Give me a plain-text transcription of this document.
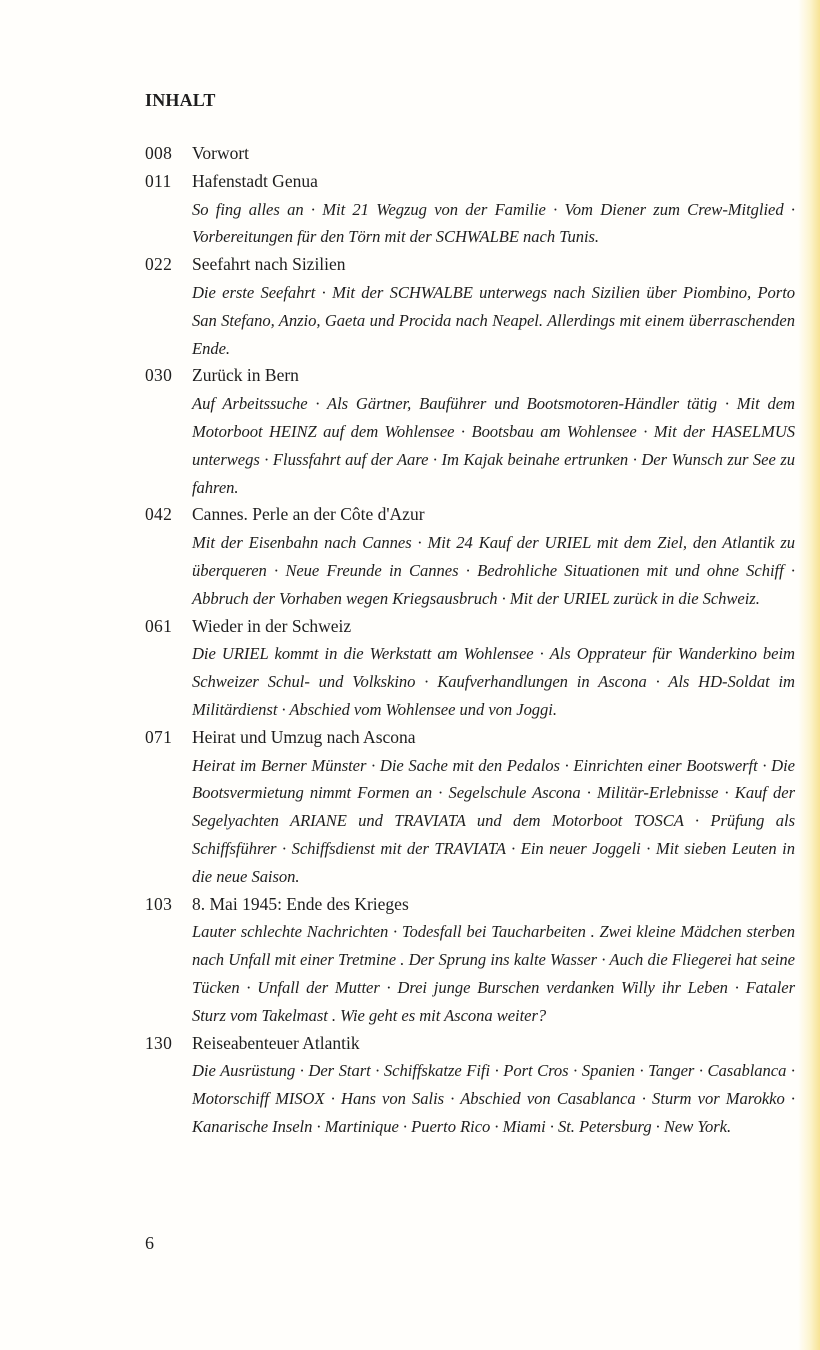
INHALT
008	Vorwort
011	Hafenstadt Genua
So fing alles an · Mit 21 Wegzug von der Familie · Vom Diener zum Crew-Mitglied · Vorbereitungen für den Törn mit der SCHWALBE nach Tunis.
022	Seefahrt nach Sizilien
Die erste Seefahrt · Mit der SCHWALBE unterwegs nach Sizilien über Piombino, Porto San Stefano, Anzio, Gaeta und Procida nach Neapel. Allerdings mit einem überraschenden Ende.
030	Zurück in Bern
Auf Arbeitssuche · Als Gärtner, Bauführer und Bootsmotoren-Händler tätig · Mit dem Motorboot HEINZ auf dem Wohlensee · Bootsbau am Wohlensee · Mit der HASELMUS unterwegs · Flussfahrt auf der Aare · Im Kajak beinahe ertrunken · Der Wunsch zur See zu fahren.
042	Cannes. Perle an der Côte d'Azur
Mit der Eisenbahn nach Cannes · Mit 24 Kauf der URIEL mit dem Ziel, den Atlantik zu überqueren · Neue Freunde in Cannes · Bedrohliche Situationen mit und ohne Schiff · Abbruch der Vorhaben wegen Kriegsausbruch · Mit der URIEL zurück in die Schweiz.
061	Wieder in der Schweiz
Die URIEL kommt in die Werkstatt am Wohlensee · Als Opprateur für Wanderkino beim Schweizer Schul- und Volkskino · Kaufverhandlungen in Ascona · Als HD-Soldat im Militärdienst · Abschied vom Wohlensee und von Joggi.
071	Heirat und Umzug nach Ascona
Heirat im Berner Münster · Die Sache mit den Pedalos · Einrichten einer Bootswerft · Die Bootsvermietung nimmt Formen an · Segelschule Ascona · Militär-Erlebnisse · Kauf der Segelyachten ARIANE und TRAVIATA und dem Motorboot TOSCA · Prüfung als Schiffsführer · Schiffsdienst mit der TRAVIATA · Ein neuer Joggeli · Mit sieben Leuten in die neue Saison.
103	8. Mai 1945: Ende des Krieges
Lauter schlechte Nachrichten · Todesfall bei Taucharbeiten . Zwei kleine Mädchen sterben nach Unfall mit einer Tretmine . Der Sprung ins kalte Wasser · Auch die Fliegerei hat seine Tücken · Unfall der Mutter · Drei junge Burschen verdanken Willy ihr Leben · Fataler Sturz vom Takelmast . Wie geht es mit Ascona weiter?
130	Reiseabenteuer Atlantik
Die Ausrüstung · Der Start · Schiffskatze Fifi · Port Cros · Spanien · Tanger · Casablanca · Motorschiff MISOX · Hans von Salis · Abschied von Casablanca · Sturm vor Marokko · Kanarische Inseln · Martinique · Puerto Rico · Miami · St. Petersburg · New York.
6
